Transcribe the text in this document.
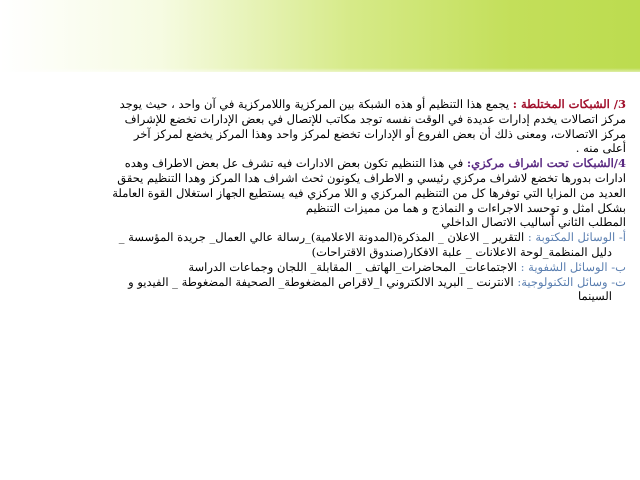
3/ الشبكات المختلطة : يجمع هذا التنظيم أو هذه الشبكة بين المركزية واللامركزية في آن واحد ، حيث يوجد

مركز اتصالات يخدم إدارات عديدة في الوقت نفسه توجد مكاتب للإتصال في بعض الإدارات تخضع للإشراف

مركز الاتصالات، ومعنى ذلك أن بعض الفروع أو الإدارات تخضع لمركز واحد وهذا المركز يخضع لمركز آخر

أعلى منه .

4/الشبكات تحت اشراف مركزي: في هذا التنظيم تكون بعض الادارات فيه تشرف عل بعض الاطراف وهده

ادارات بدورها تخضع لاشراف مركزي رئيسي و الاطراف يكونون ثحث اشراف هدا المركز وهدا التنظيم يحقق

العديد من المزايا التي توفرها كل من التنظيم المركزي و اللا مركزي فيه يستطيع الجهاز استغلال القوة العاملة

بشكل امثل و توحسد الاجراءات و النماذج و هما من مميزات التنظيم

المطلب الثاني أساليب الاتصال الداخلي

أ- الوسائل المكتوبة : التقرير _ الاعلان _ المذكرة(المدونة الاعلامية)_رسالة عالي العمال_ جريدة المؤسسة _

دليل المنظمة_لوحة الاعلانات _ علبة الافكار(صندوق الاقتراحات)

ب- الوسائل الشفوية : الاجتماعات_ المحاضرات_الهاتف _ المقابلة_ اللجان وجماعات الدراسة

ت- وسائل التكنولوجية: الانترنت _ البريد الالكتروني ا_لاقراص المضغوطة_ الصحيفة المضغوطة _ الفيديو و

السينما
